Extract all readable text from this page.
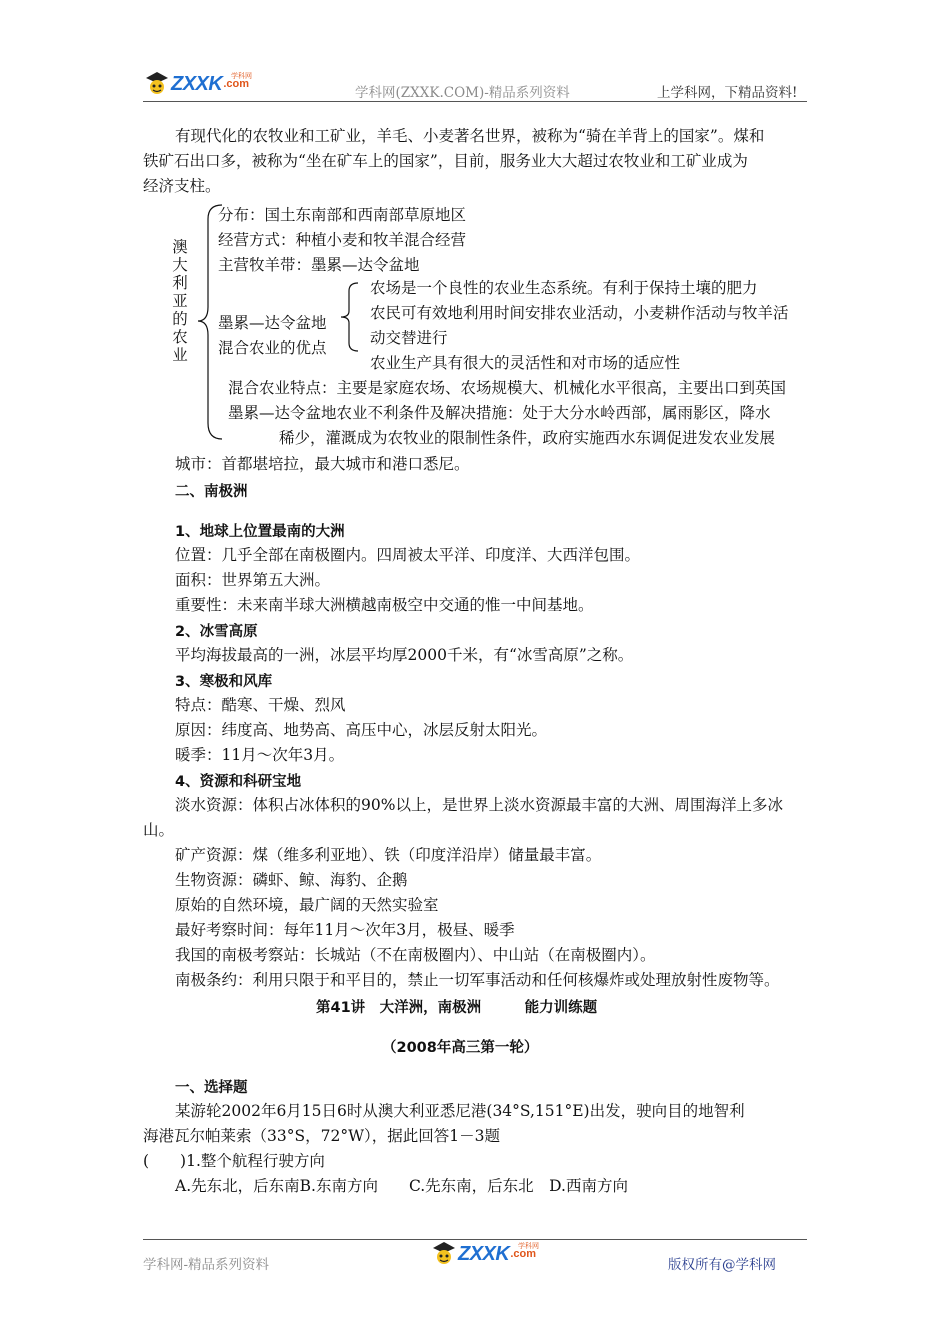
ZXXK .com
学科网
学科网(ZXXK.COM)-精品系列资料	上学科网，下精品资料!
有现代化的农牧业和工矿业，羊毛、小麦著名世界，被称为“骑在羊背上的国家”。煤和
铁矿石出口多，被称为“坐在矿车上的国家”，目前，服务业大大超过农牧业和工矿业成为
经济支柱。
澳大利亚的农业
分布：国土东南部和西南部草原地区
经营方式：种植小麦和牧羊混合经营
主营牧羊带：墨累—达令盆地
墨累—达令盆地
混合农业的优点
农场是一个良性的农业生态系统。有利于保持土壤的肥力
农民可有效地利用时间安排农业活动，小麦耕作活动与牧羊活
动交替进行
农业生产具有很大的灵活性和对市场的适应性
混合农业特点：主要是家庭农场、农场规模大、机械化水平很高，主要出口到英国
墨累—达令盆地农业不利条件及解决措施：处于大分水岭西部，属雨影区，降水
稀少，灌溉成为农牧业的限制性条件，政府实施西水东调促进发农业发展
城市：首都堪培拉，最大城市和港口悉尼。
二、南极洲
1、地球上位置最南的大洲
位置：几乎全部在南极圈内。四周被太平洋、印度洋、大西洋包围。
面积：世界第五大洲。
重要性：未来南半球大洲横越南极空中交通的惟一中间基地。
2、冰雪高原
平均海拔最高的一洲，冰层平均厚2000千米，有“冰雪高原”之称。
3、寒极和风库
特点：酷寒、干燥、烈风
原因：纬度高、地势高、高压中心，冰层反射太阳光。
暖季：11月～次年3月。
4、资源和科研宝地
淡水资源：体积占冰体积的90%以上，是世界上淡水资源最丰富的大洲、周围海洋上多冰
山。
矿产资源：煤（维多利亚地）、铁（印度洋沿岸）储量最丰富。
生物资源：磷虾、鲸、海豹、企鹅
原始的自然环境，最广阔的天然实验室
最好考察时间：每年11月～次年3月，极昼、暖季
我国的南极考察站：长城站（不在南极圈内）、中山站（在南极圈内）。
南极条约：利用只限于和平目的，禁止一切军事活动和任何核爆炸或处理放射性废物等。
第41讲　大洋洲，南极洲　　　能力训练题
（2008年高三第一轮）
一、选择题
某游轮2002年6月15日6时从澳大利亚悉尼港(34°S,151°E)出发，驶向目的地智利
海港瓦尔帕莱索（33°S，72°W），据此回答1－3题
(　　)1.整个航程行驶方向
A.先东北，后东南B.东南方向　　C.先东南，后东北　D.西南方向
学科网-精品系列资料
ZXXK .com
学科网
版权所有@学科网
